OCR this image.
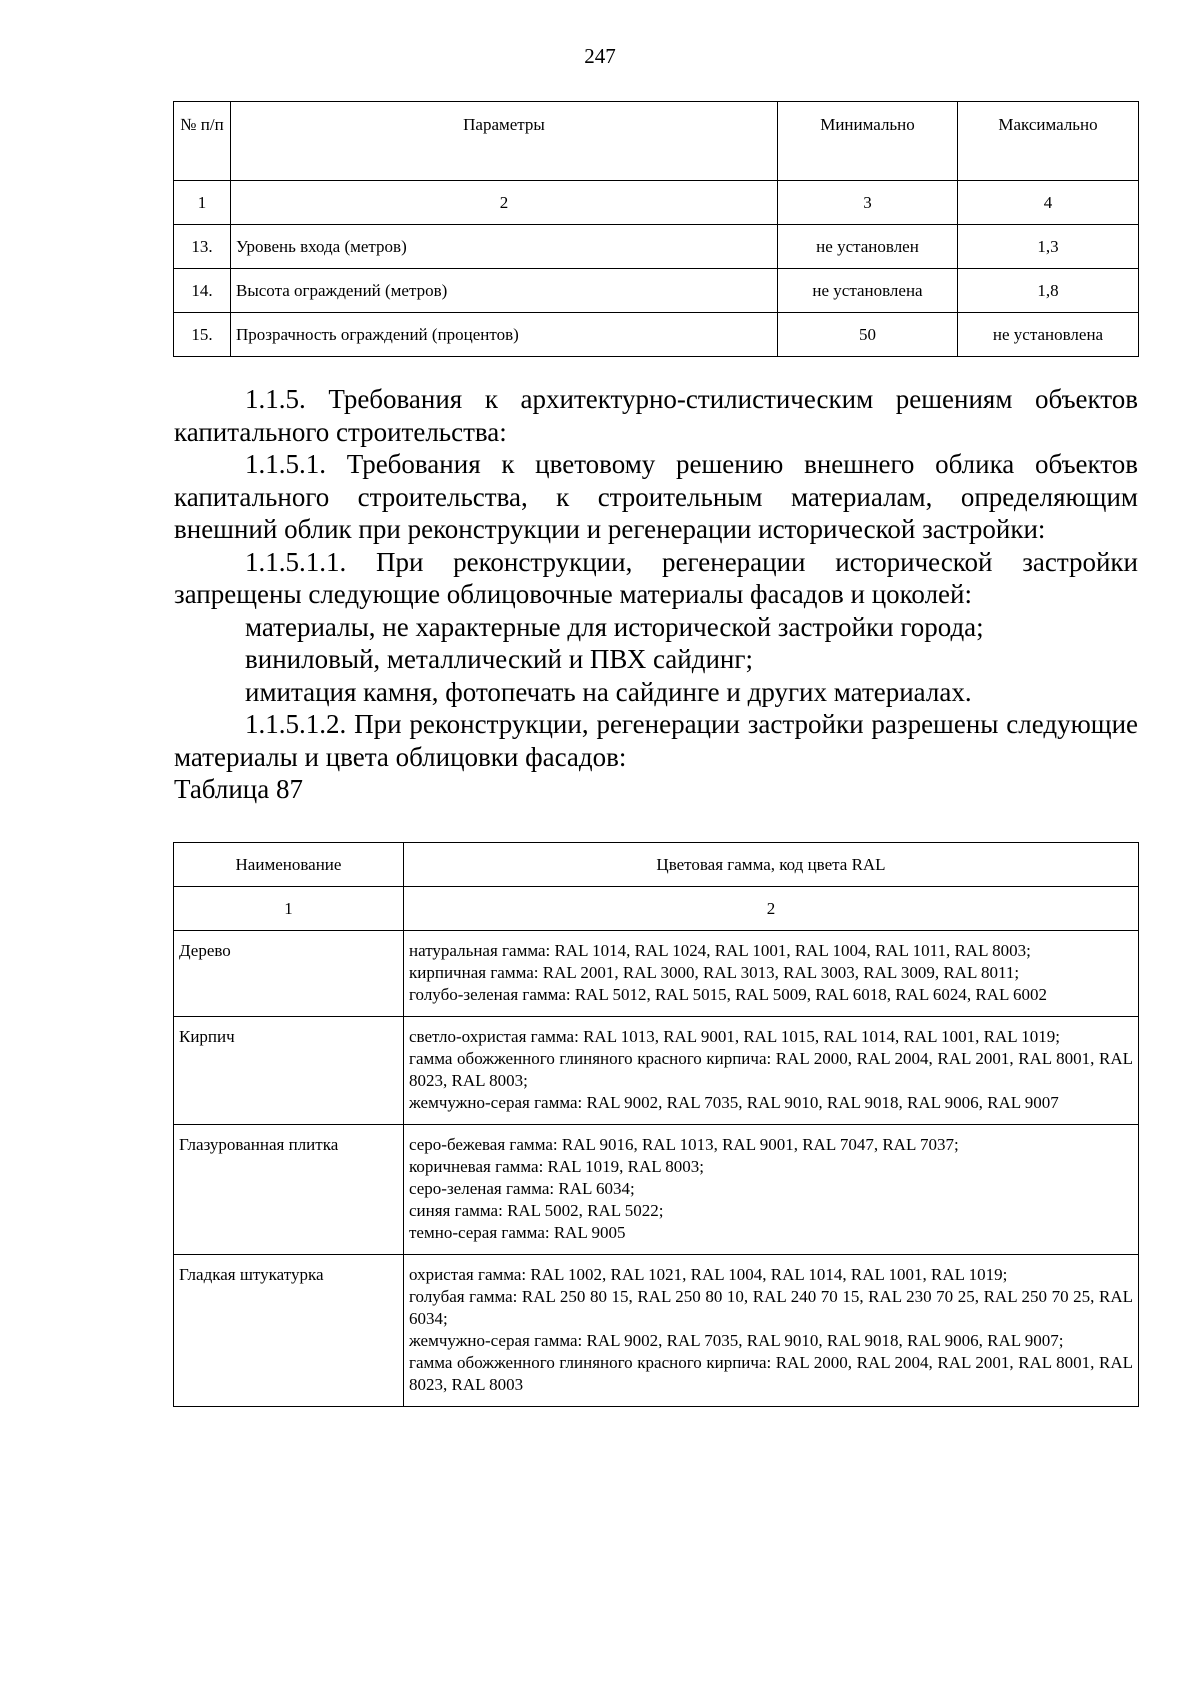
247
№ п/п	Параметры	Минимально	Максимально
1	2	3	4
13.	Уровень входа (метров)	не установлен	1,3
14.	Высота ограждений (метров)	не установлена	1,8
15.	Прозрачность ограждений (процентов)	50	не установлена

1.1.5. Требования к архитектурно-стилистическим решениям объектов капитального строительства:

1.1.5.1. Требования к цветовому решению внешнего облика объектов капитального строительства, к строительным материалам, определяющим внешний облик при реконструкции и регенерации исторической застройки:

1.1.5.1.1. При реконструкции, регенерации исторической застройки запрещены следующие облицовочные материалы фасадов и цоколей:

материалы, не характерные для исторической застройки города;

виниловый, металлический и ПВХ сайдинг;

имитация камня, фотопечать на сайдинге и других материалах.

1.1.5.1.2. При реконструкции, регенерации застройки разрешены следующие материалы и цвета облицовки фасадов:

Таблица 87

Наименование	Цветовая гамма, код цвета RAL
1	2
Дерево	натуральная гамма: RAL 1014, RAL 1024, RAL 1001, RAL 1004, RAL 1011, RAL 8003;
кирпичная гамма: RAL 2001, RAL 3000, RAL 3013, RAL 3003, RAL 3009, RAL 8011;
голубо-зеленая гамма: RAL 5012, RAL 5015, RAL 5009, RAL 6018, RAL 6024, RAL 6002

Кирпич	светло-охристая гамма: RAL 1013, RAL 9001, RAL 1015, RAL 1014, RAL 1001, RAL 1019;
гамма обожженного глиняного красного кирпича: RAL 2000, RAL 2004, RAL 2001, RAL 8001, RAL 8023, RAL 8003;
жемчужно-серая гамма: RAL 9002, RAL 7035, RAL 9010, RAL 9018, RAL 9006, RAL 9007

Глазурованная плитка	серо-бежевая гамма: RAL 9016, RAL 1013, RAL 9001, RAL 7047, RAL 7037;
коричневая гамма: RAL 1019, RAL 8003;
серо-зеленая гамма: RAL 6034;
синяя гамма: RAL 5002, RAL 5022;
темно-серая гамма: RAL 9005

Гладкая штукатурка	охристая гамма: RAL 1002, RAL 1021, RAL 1004, RAL 1014, RAL 1001, RAL 1019;
голубая гамма: RAL 250 80 15, RAL 250 80 10, RAL 240 70 15, RAL 230 70 25, RAL 250 70 25, RAL 6034;
жемчужно-серая гамма: RAL 9002, RAL 7035, RAL 9010, RAL 9018, RAL 9006, RAL 9007;
гамма обожженного глиняного красного кирпича: RAL 2000, RAL 2004, RAL 2001, RAL 8001, RAL 8023, RAL 8003
